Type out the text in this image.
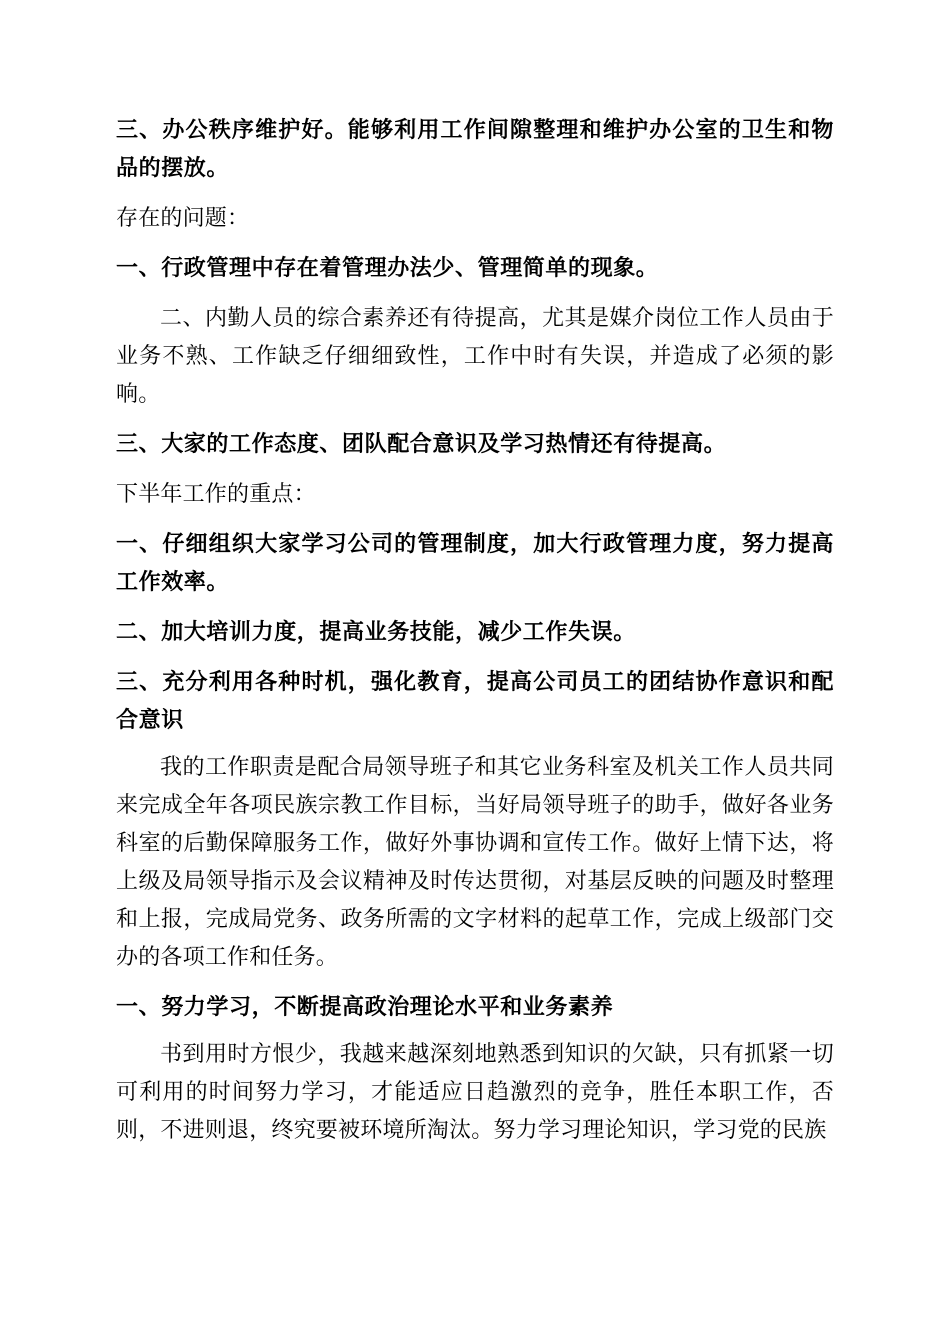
三、办公秩序维护好。能够利用工作间隙整理和维护办公室的卫生和物品的摆放。

存在的问题：

一、行政管理中存在着管理办法少、管理简单的现象。

二、内勤人员的综合素养还有待提高，尤其是媒介岗位工作人员由于业务不熟、工作缺乏仔细细致性，工作中时有失误，并造成了必须的影响。

三、大家的工作态度、团队配合意识及学习热情还有待提高。

下半年工作的重点：

一、仔细组织大家学习公司的管理制度，加大行政管理力度，努力提高工作效率。

二、加大培训力度，提高业务技能，减少工作失误。

三、充分利用各种时机，强化教育，提高公司员工的团结协作意识和配合意识

我的工作职责是配合局领导班子和其它业务科室及机关工作人员共同来完成全年各项民族宗教工作目标，当好局领导班子的助手，做好各业务科室的后勤保障服务工作，做好外事协调和宣传工作。做好上情下达，将上级及局领导指示及会议精神及时传达贯彻，对基层反映的问题及时整理和上报，完成局党务、政务所需的文字材料的起草工作，完成上级部门交办的各项工作和任务。

一、努力学习，不断提高政治理论水平和业务素养

书到用时方恨少，我越来越深刻地熟悉到知识的欠缺，只有抓紧一切可利用的时间努力学习，才能适应日趋激烈的竞争，胜任本职工作，否则，不进则退，终究要被环境所淘汰。努力学习理论知识，学习党的民族
